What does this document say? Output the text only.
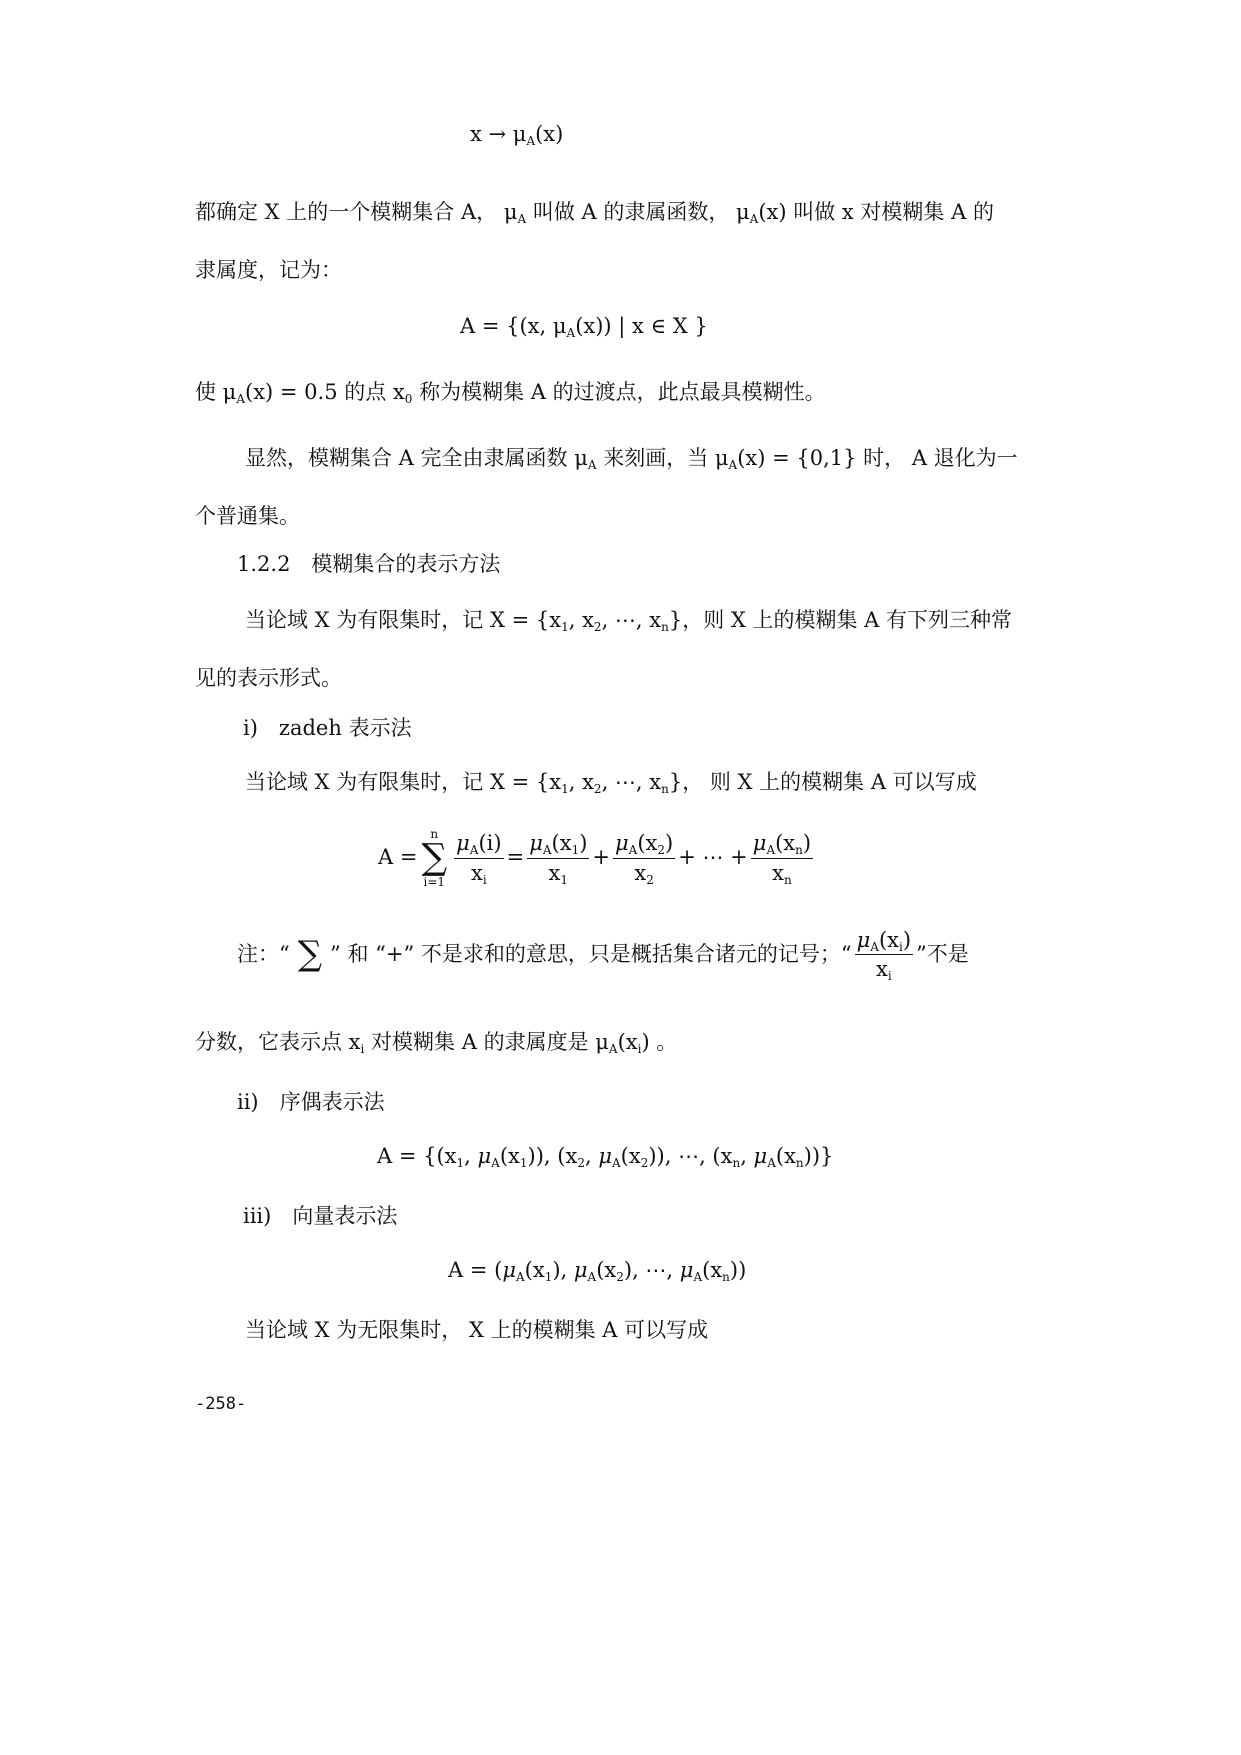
$x \to \mu_A(x)$
都确定 X 上的一个模糊集合 A， $\mu_A$ 叫做 A 的隶属函数， $\mu_A(x)$ 叫做 x 对模糊集 A 的
隶属度，记为：
A = {(x, $\mu_A(x)$) | x ∈ X }
使 $\mu_A(x) = 0.5$ 的点 $x_0$ 称为模糊集 A 的过渡点，此点最具模糊性。
显然，模糊集合 A 完全由隶属函数 $\mu_A$ 来刻画，当 $\mu_A(x) = \{0,1\}$ 时， A 退化为一
个普通集。
1.2.2　模糊集合的表示方法
当论域 X 为有限集时，记 $X = \{x_1$, $x_2$, ⋯, $x_n$}，则 X 上的模糊集 A 有下列三种常
见的表示形式。
i)　zadeh 表示法
当论域 X 为有限集时，记 $X = \{x_1$, $x_2$, ⋯, $x_n$}， 则 X 上的模糊集 A 可以写成
A =
n
∑
$i=1 \frac{\mu_A(i)}{x_i} = \frac{\mu_A(x_1)}{x_1} + \frac{\mu_A(x_2)}{x_2}$ + ⋯ + $\frac{\mu_A(x_n)}{x_n}$
注：“ ∑ ” 和 “+” 不是求和的意思，只是概括集合诸元的记号；“ $\frac{\mu_A(x_i)}{x_i}$ ”不是
分数，它表示点 $x_i$ 对模糊集 A 的隶属度是 $\mu_A(x_i)$ 。
ii)　序偶表示法
$A = \{(x_1$, $\mu_A(x_1)$), ($x_2$, $\mu_A(x_2)$), ⋯, ($x_n$, $\mu_A(x_n)$)}
iii)　向量表示法
$A = (\mu_A(x_1)$, $\mu_A(x_2)$, ⋯, $\mu_A(x_n)$)
当论域 X 为无限集时， X 上的模糊集 A 可以写成
-258-
